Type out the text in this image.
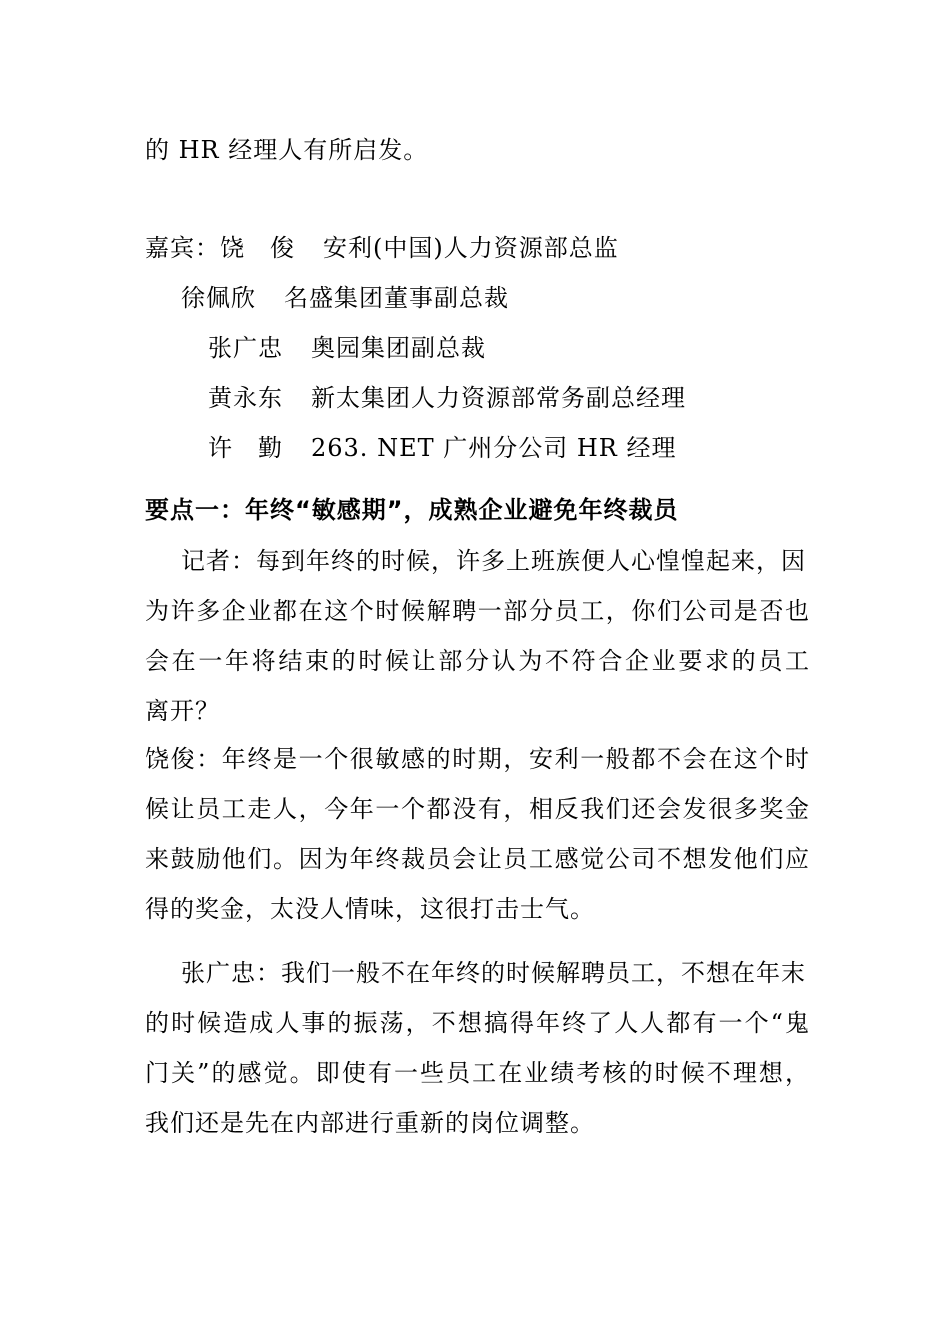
的 HR 经理人有所启发。
嘉宾：饶　俊 安利(中国)人力资源部总监
徐佩欣 名盛集团董事副总裁
张广忠 奥园集团副总裁
黄永东 新太集团人力资源部常务副总经理
许　勤 263. NET 广州分公司 HR 经理
要点一：年终“敏感期”，成熟企业避免年终裁员
记者：每到年终的时候，许多上班族便人心惶惶起来，因
为许多企业都在这个时候解聘一部分员工，你们公司是否也
会在一年将结束的时候让部分认为不符合企业要求的员工
离开？
饶俊：年终是一个很敏感的时期，安利一般都不会在这个时
候让员工走人，今年一个都没有，相反我们还会发很多奖金
来鼓励他们。因为年终裁员会让员工感觉公司不想发他们应
得的奖金，太没人情味，这很打击士气。
张广忠：我们一般不在年终的时候解聘员工，不想在年末
的时候造成人事的振荡，不想搞得年终了人人都有一个“鬼
门关”的感觉。即使有一些员工在业绩考核的时候不理想，
我们还是先在内部进行重新的岗位调整。
